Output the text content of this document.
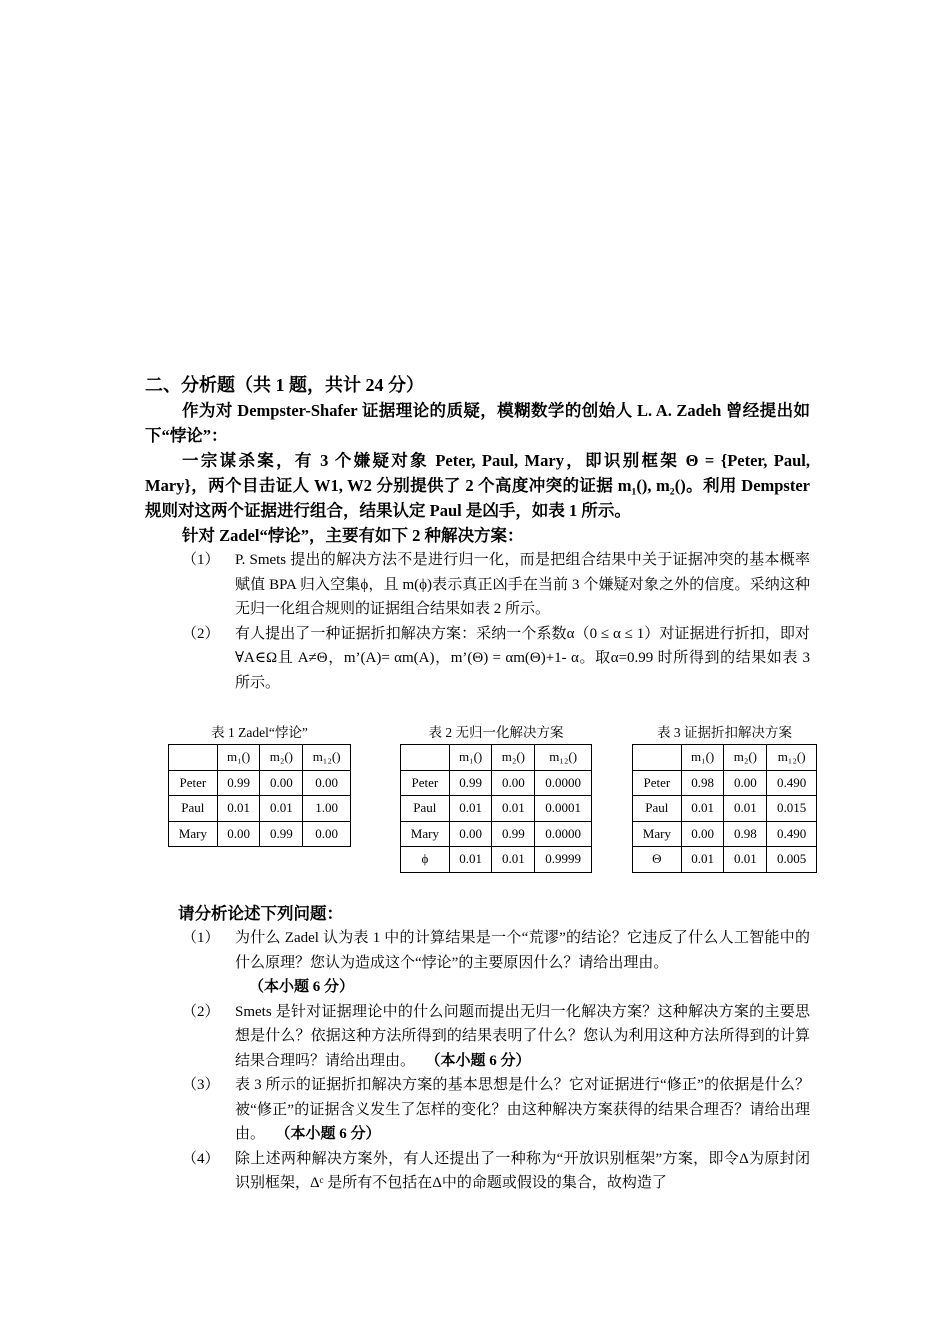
二、分析题（共 1 题，共计 24 分）

作为对 Dempster-Shafer 证据理论的质疑，模糊数学的创始人 L. A. Zadeh 曾经提出如下“悖论”：

一宗谋杀案，有 3 个嫌疑对象 Peter, Paul, Mary，即识别框架 Θ = {Peter, Paul, Mary}，两个目击证人 W1, W2 分别提供了 2 个高度冲突的证据 m₁(), m₂()。利用 Dempster 规则对这两个证据进行组合，结果认定 Paul 是凶手，如表 1 所示。

针对 Zadel“悖论”，主要有如下 2 种解决方案：

（1） P. Smets 提出的解决方法不是进行归一化，而是把组合结果中关于证据冲突的基本概率赋值 BPA 归入空集ϕ，且 m(ϕ)表示真正凶手在当前 3 个嫌疑对象之外的信度。采纳这种无归一化组合规则的证据组合结果如表 2 所示。
（2） 有人提出了一种证据折扣解决方案：采纳一个系数α（0 ≤ α ≤ 1）对证据进行折扣，即对 ∀A∈Ω且 A≠Θ，m’(A)= αm(A)，m’(Θ) = αm(Θ)+1- α。取α=0.99 时所得到的结果如表 3 所示。
表 1 Zadel“悖论”
	m₁()	m₂()	m₁₂()
Peter	0.99	0.00	0.00
Paul	0.01	0.01	1.00
Mary	0.00	0.99	0.00
表 2 无归一化解决方案
	m₁()	m₂()	m₁₂()
Peter	0.99	0.00	0.0000
Paul	0.01	0.01	0.0001
Mary	0.00	0.99	0.0000
ϕ	0.01	0.01	0.9999
表 3 证据折扣解决方案
	m₁()	m₂()	m₁₂()
Peter	0.98	0.00	0.490
Paul	0.01	0.01	0.015
Mary	0.00	0.98	0.490
Θ	0.01	0.01	0.005

请分析论述下列问题：

（1） 为什么 Zadel 认为表 1 中的计算结果是一个“荒谬”的结论？它违反了什么人工智能中的什么原理？您认为造成这个“悖论”的主要原因什么？请给出理由。
（本小题 6 分）
（2） Smets 是针对证据理论中的什么问题而提出无归一化解决方案？这种解决方案的主要思想是什么？依据这种方法所得到的结果表明了什么？您认为利用这种方法所得到的计算结果合理吗？请给出理由。 （本小题 6 分）
（3） 表 3 所示的证据折扣解决方案的基本思想是什么？它对证据进行“修正”的依据是什么？被“修正”的证据含义发生了怎样的变化？由这种解决方案获得的结果合理否？请给出理由。 （本小题 6 分）
（4） 除上述两种解决方案外，有人还提出了一种称为“开放识别框架”方案，即令Δ为原封闭识别框架，Δᶜ 是所有不包括在Δ中的命题或假设的集合，故构造了
